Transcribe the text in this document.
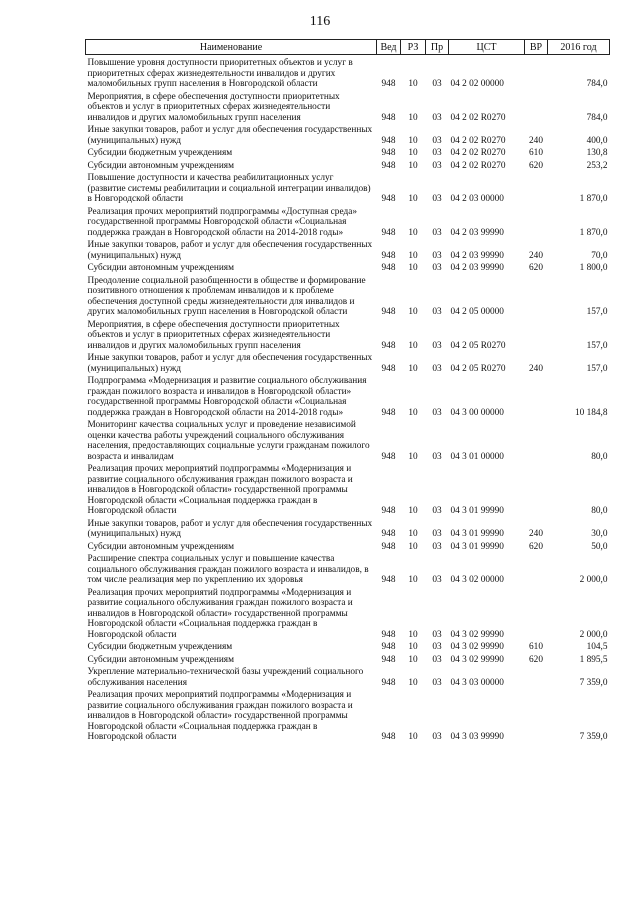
116
Наименование	Вед	РЗ	Пр	ЦСТ	ВР	2016 год
Повышение уровня доступности приоритетных объектов и услуг в приоритетных сферах жизнедеятельности инвалидов и других маломобильных групп населения в Новгородской области	948	10	03	04 2 02 00000		784,0
Мероприятия, в сфере обеспечения доступности приоритетных объектов и услуг в приоритетных сферах жизнедеятельности инвалидов и других маломобильных групп населения	948	10	03	04 2 02 R0270		784,0
Иные закупки товаров, работ и услуг для обеспечения государственных (муниципальных) нужд	948	10	03	04 2 02 R0270	240	400,0
Субсидии бюджетным учреждениям	948	10	03	04 2 02 R0270	610	130,8
Субсидии автономным учреждениям	948	10	03	04 2 02 R0270	620	253,2
Повышение доступности и качества реабилитационных услуг (развитие системы реабилитации и социальной интеграции инвалидов) в Новгородской области	948	10	03	04 2 03 00000		1 870,0
Реализация прочих мероприятий подпрограммы «Доступная среда» государственной программы Новгородской области «Социальная поддержка граждан в Новгородской области на 2014-2018 годы»	948	10	03	04 2 03 99990		1 870,0
Иные закупки товаров, работ и услуг для обеспечения государственных (муниципальных) нужд	948	10	03	04 2 03 99990	240	70,0
Субсидии автономным учреждениям	948	10	03	04 2 03 99990	620	1 800,0
Преодоление социальной разобщенности в обществе и формирование позитивного отношения к проблемам инвалидов и к проблеме обеспечения доступной среды жизнедеятельности для инвалидов и других маломобильных групп населения в Новгородской области	948	10	03	04 2 05 00000		157,0
Мероприятия, в сфере обеспечения доступности приоритетных объектов и услуг в приоритетных сферах жизнедеятельности инвалидов и других маломобильных групп населения	948	10	03	04 2 05 R0270		157,0
Иные закупки товаров, работ и услуг для обеспечения государственных (муниципальных) нужд	948	10	03	04 2 05 R0270	240	157,0
Подпрограмма «Модернизация и развитие социального обслуживания граждан пожилого возраста и инвалидов в Новгородской области» государственной программы Новгородской области «Социальная поддержка граждан в Новгородской области на 2014-2018 годы»	948	10	03	04 3 00 00000		10 184,8
Мониторинг качества социальных услуг и проведение независимой оценки качества работы учреждений социального обслуживания населения, предоставляющих социальные услуги гражданам пожилого возраста и инвалидам	948	10	03	04 3 01 00000		80,0
Реализация прочих мероприятий подпрограммы «Модернизация и развитие социального обслуживания граждан пожилого возраста и инвалидов в Новгородской области» государственной программы Новгородской области «Социальная поддержка граждан в Новгородской области	948	10	03	04 3 01 99990		80,0
Иные закупки товаров, работ и услуг для обеспечения государственных (муниципальных) нужд	948	10	03	04 3 01 99990	240	30,0
Субсидии автономным учреждениям	948	10	03	04 3 01 99990	620	50,0
Расширение спектра социальных услуг и повышение качества социального обслуживания граждан пожилого возраста и инвалидов, в том числе реализация мер по укреплению их здоровья	948	10	03	04 3 02 00000		2 000,0
Реализация прочих мероприятий подпрограммы «Модернизация и развитие социального обслуживания граждан пожилого возраста и инвалидов в Новгородской области» государственной программы Новгородской области «Социальная поддержка граждан в Новгородской области	948	10	03	04 3 02 99990		2 000,0
Субсидии бюджетным учреждениям	948	10	03	04 3 02 99990	610	104,5
Субсидии автономным учреждениям	948	10	03	04 3 02 99990	620	1 895,5
Укрепление материально-технической базы учреждений социального обслуживания населения	948	10	03	04 3 03 00000		7 359,0
Реализация прочих мероприятий подпрограммы «Модернизация и развитие социального обслуживания граждан пожилого возраста и инвалидов в Новгородской области» государственной программы Новгородской области «Социальная поддержка граждан в Новгородской области	948	10	03	04 3 03 99990		7 359,0
